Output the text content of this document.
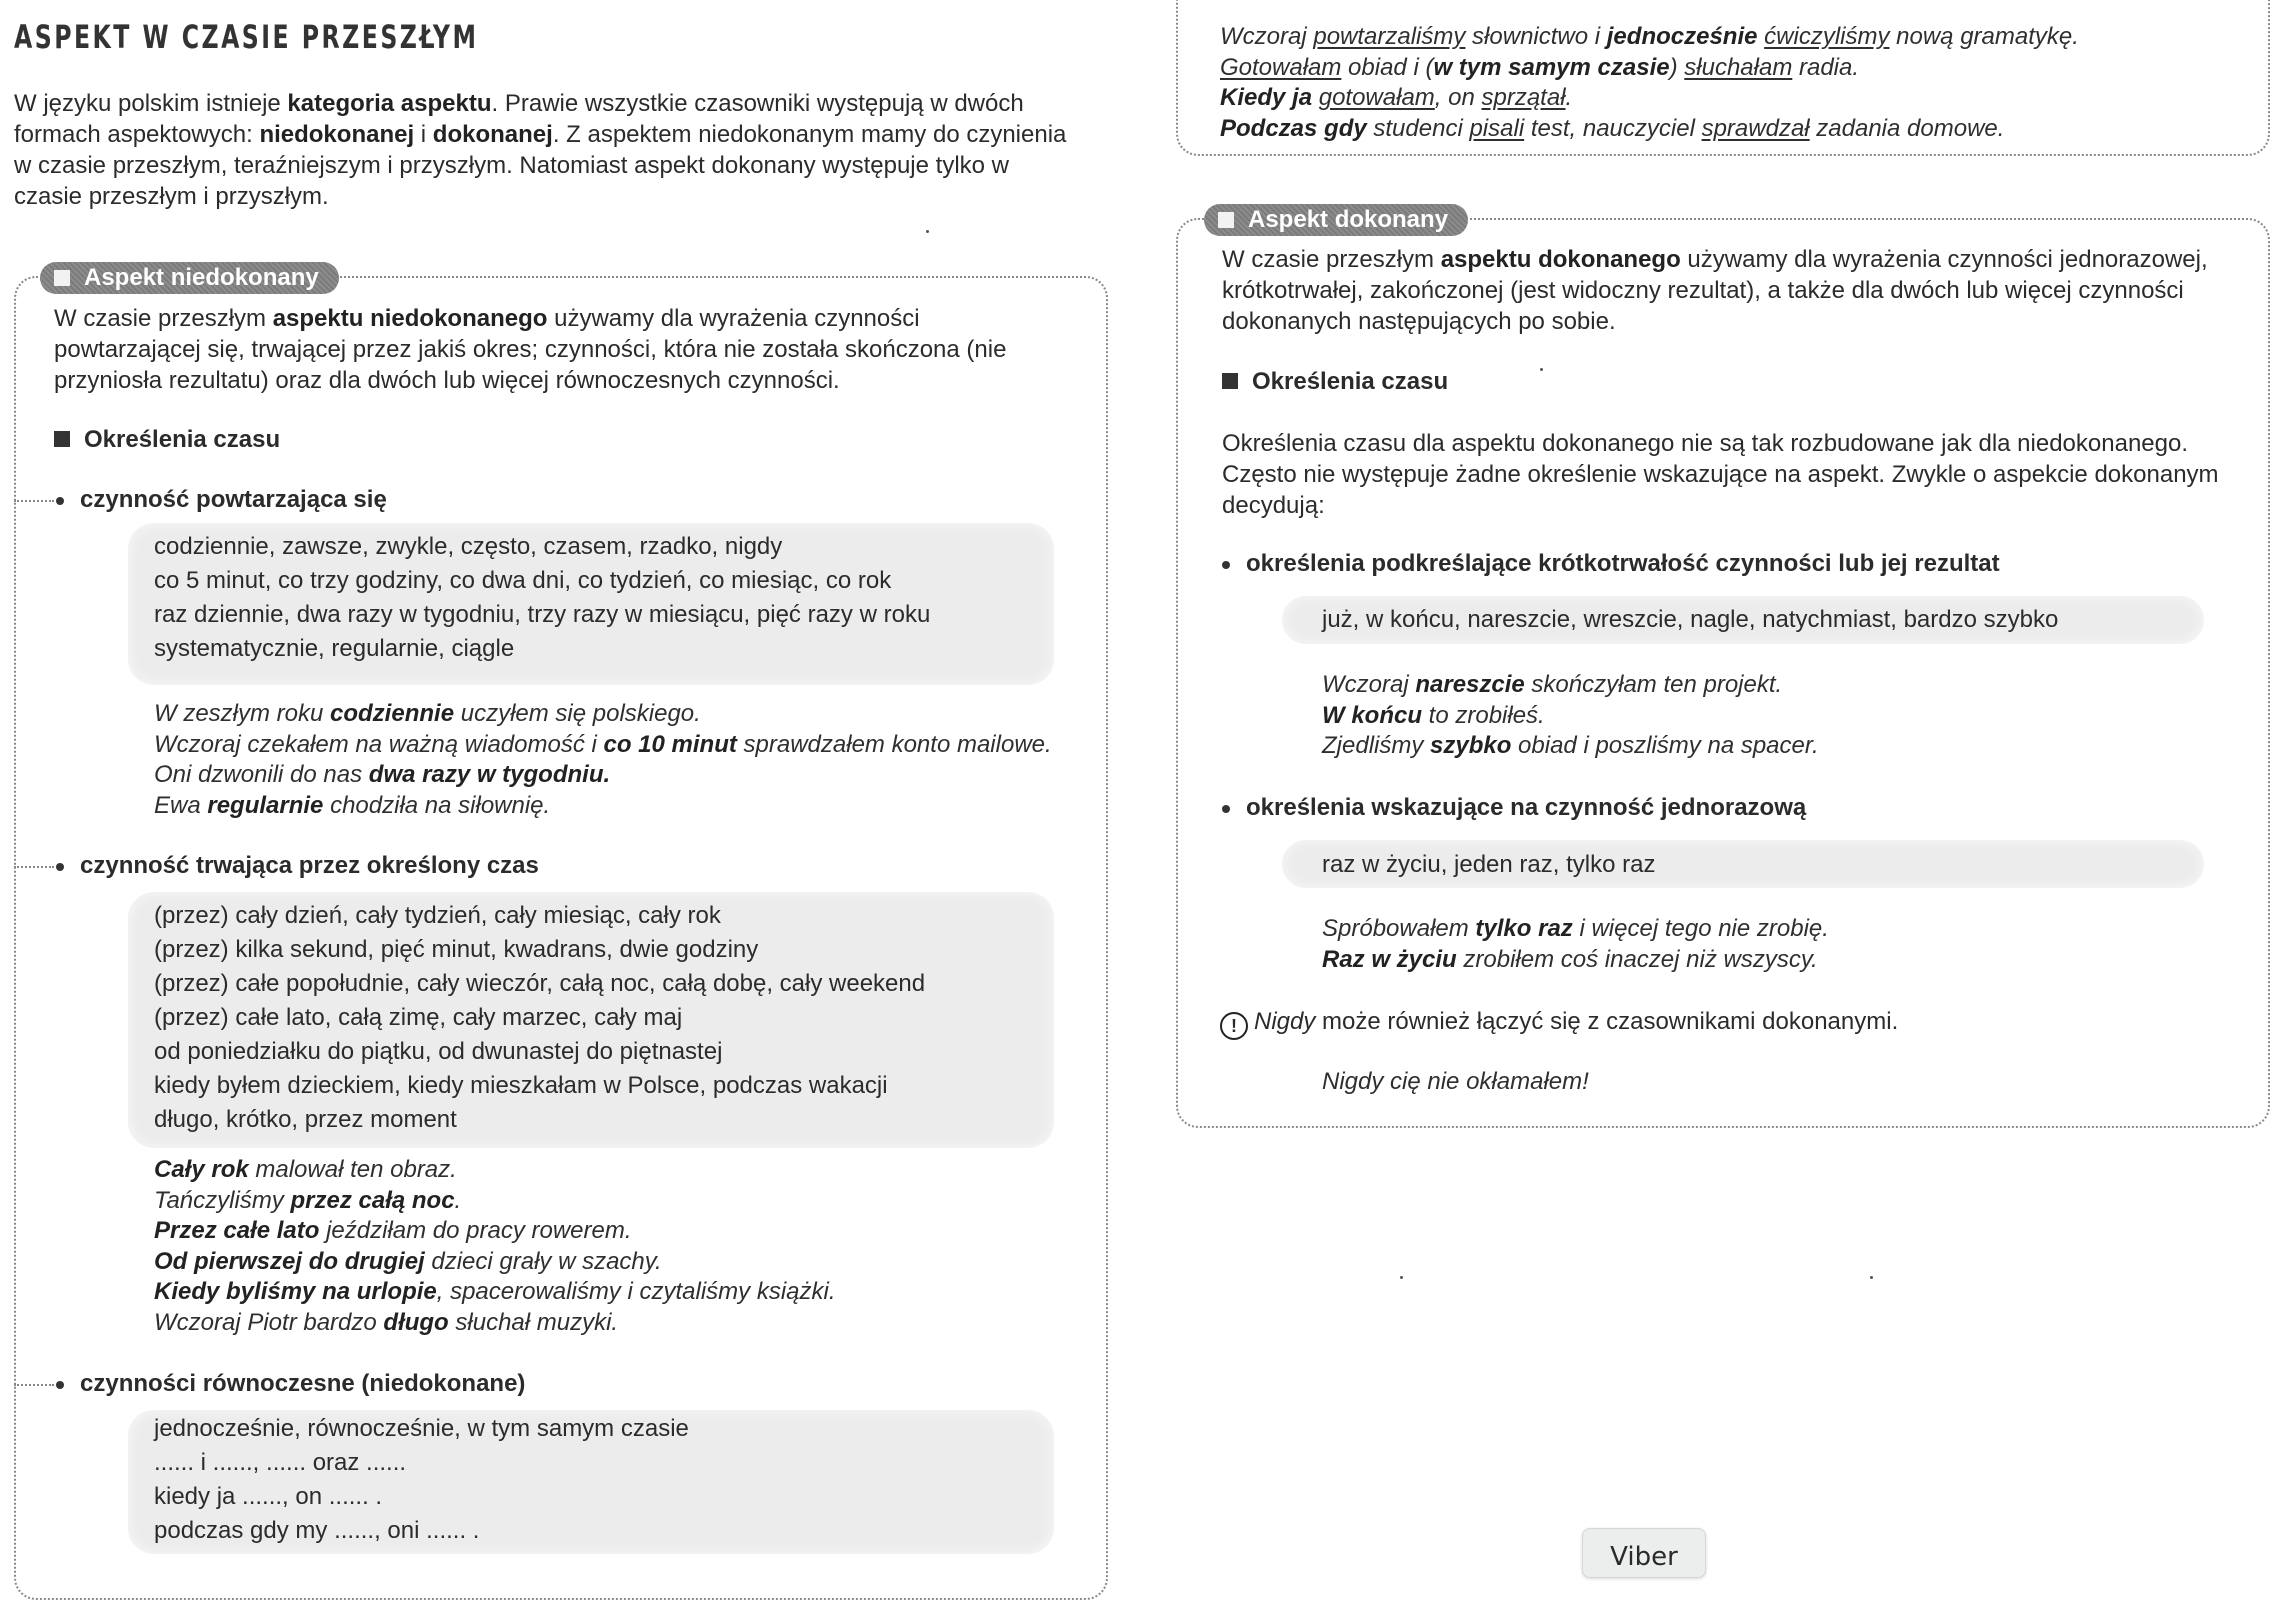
ASPEKT W CZASIE PRZESZŁYM
W języku polskim istnieje kategoria aspektu. Prawie wszystkie czasowniki występują w dwóch formach aspektowych: niedokonanej i dokonanej. Z aspektem niedokonanym mamy do czynienia w czasie przeszłym, teraźniejszym i przyszłym. Natomiast aspekt dokonany występuje tylko w czasie przeszłym i przyszłym.
Aspekt niedokonany
W czasie przeszłym aspektu niedokonanego używamy dla wyrażenia czynności powtarzającej się, trwającej przez jakiś okres; czynności, która nie została skończona (nie przyniosła rezultatu) oraz dla dwóch lub więcej równoczesnych czynności.
Określenia czasu
czynność powtarzająca się
codziennie, zawsze, zwykle, często, czasem, rzadko, nigdy
co 5 minut, co trzy godziny, co dwa dni, co tydzień, co miesiąc, co rok
raz dziennie, dwa razy w tygodniu, trzy razy w miesiącu, pięć razy w roku
systematycznie, regularnie, ciągle
W zeszłym roku codziennie uczyłem się polskiego.
Wczoraj czekałem na ważną wiadomość i co 10 minut sprawdzałem konto mailowe.
Oni dzwonili do nas dwa razy w tygodniu.
Ewa regularnie chodziła na siłownię.
czynność trwająca przez określony czas
(przez) cały dzień, cały tydzień, cały miesiąc, cały rok
(przez) kilka sekund, pięć minut, kwadrans, dwie godziny
(przez) całe popołudnie, cały wieczór, całą noc, całą dobę, cały weekend
(przez) całe lato, całą zimę, cały marzec, cały maj
od poniedziałku do piątku, od dwunastej do piętnastej
kiedy byłem dzieckiem, kiedy mieszkałam w Polsce, podczas wakacji
długo, krótko, przez moment
Cały rok malował ten obraz.
Tańczyliśmy przez całą noc.
Przez całe lato jeździłam do pracy rowerem.
Od pierwszej do drugiej dzieci grały w szachy.
Kiedy byliśmy na urlopie, spacerowaliśmy i czytaliśmy książki.
Wczoraj Piotr bardzo długo słuchał muzyki.
czynności równoczesne (niedokonane)
jednocześnie, równocześnie, w tym samym czasie
...... i ......, ...... oraz ......
kiedy ja ......, on ...... .
podczas gdy my ......, oni ...... .
Wczoraj powtarzaliśmy słownictwo i jednocześnie ćwiczyliśmy nową gramatykę.
Gotowałam obiad i (w tym samym czasie) słuchałam radia.
Kiedy ja gotowałam, on sprzątał.
Podczas gdy studenci pisali test, nauczyciel sprawdzał zadania domowe.
Aspekt dokonany
W czasie przeszłym aspektu dokonanego używamy dla wyrażenia czynności jednorazowej, krótkotrwałej, zakończonej (jest widoczny rezultat), a także dla dwóch lub więcej czynności dokonanych następujących po sobie.
Określenia czasu
Określenia czasu dla aspektu dokonanego nie są tak rozbudowane jak dla niedokonanego. Często nie występuje żadne określenie wskazujące na aspekt. Zwykle o aspekcie dokonanym decydują:
określenia podkreślające krótkotrwałość czynności lub jej rezultat
już, w końcu, nareszcie, wreszcie, nagle, natychmiast, bardzo szybko
Wczoraj nareszcie skończyłam ten projekt.
W końcu to zrobiłeś.
Zjedliśmy szybko obiad i poszliśmy na spacer.
określenia wskazujące na czynność jednorazową
raz w życiu, jeden raz, tylko raz
Spróbowałem tylko raz i więcej tego nie zrobię.
Raz w życiu zrobiłem coś inaczej niż wszyscy.
! Nigdy może również łączyć się z czasownikami dokonanymi.
Nigdy cię nie okłamałem!
Viber
